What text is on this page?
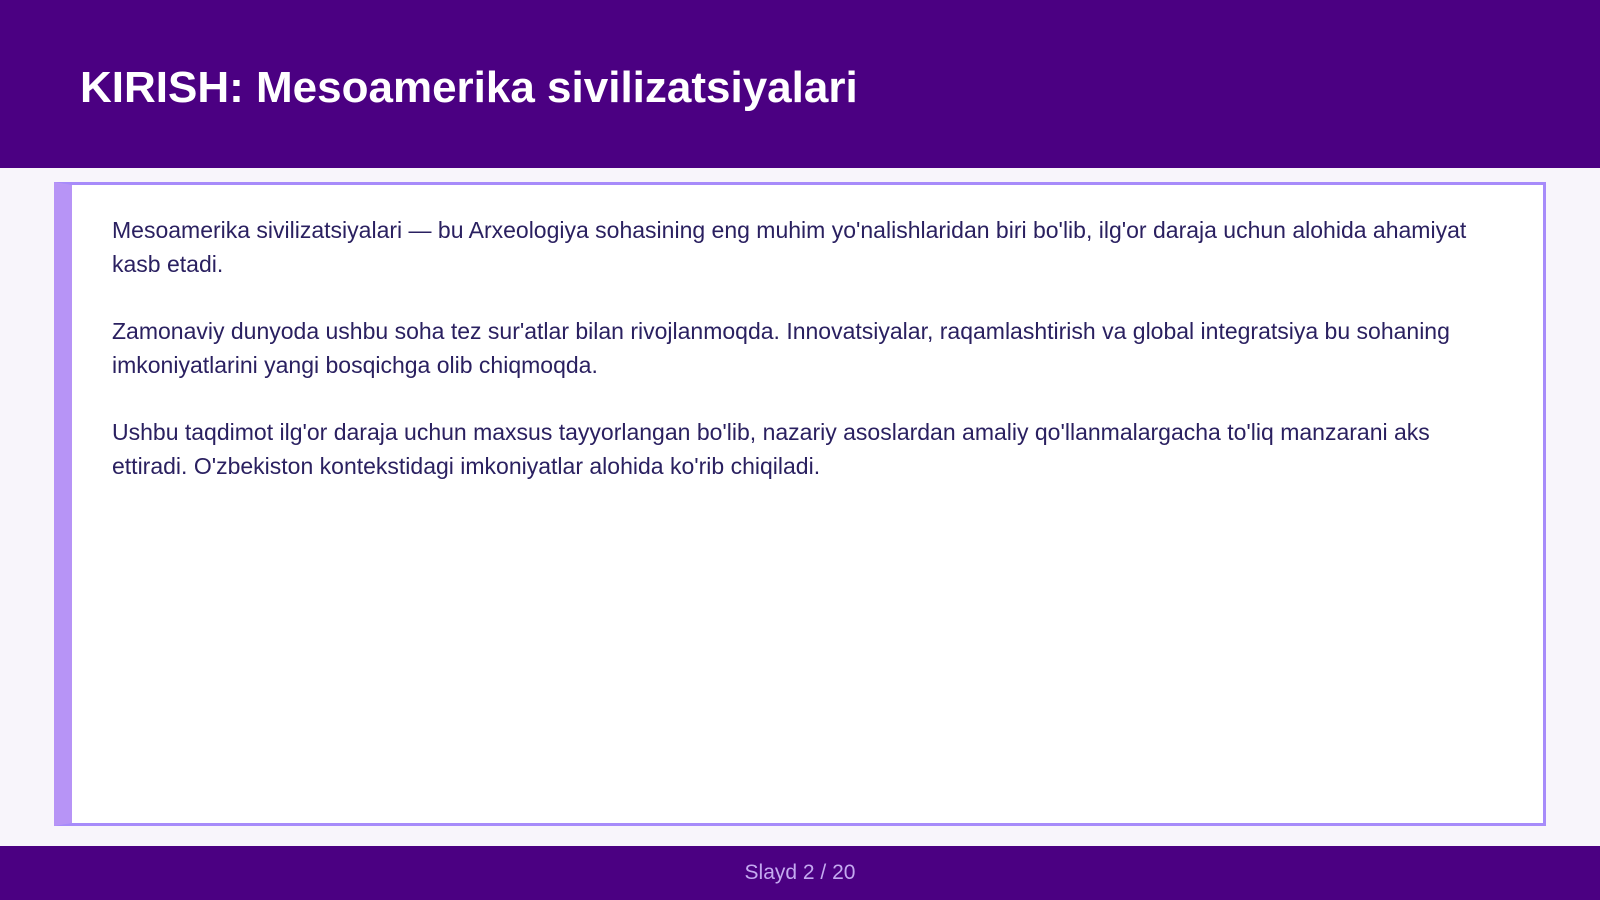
KIRISH: Mesoamerika sivilizatsiyalari

Mesoamerika sivilizatsiyalari — bu Arxeologiya sohasining eng muhim yo'nalishlaridan biri bo'lib, ilg'or daraja uchun alohida ahamiyat kasb etadi.

Zamonaviy dunyoda ushbu soha tez sur'atlar bilan rivojlanmoqda. Innovatsiyalar, raqamlashtirish va global integratsiya bu sohaning imkoniyatlarini yangi bosqichga olib chiqmoqda.

Ushbu taqdimot ilg'or daraja uchun maxsus tayyorlangan bo'lib, nazariy asoslardan amaliy qo'llanmalargacha to'liq manzarani aks ettiradi. O'zbekiston kontekstidagi imkoniyatlar alohida ko'rib chiqiladi.

Slayd 2 / 20
